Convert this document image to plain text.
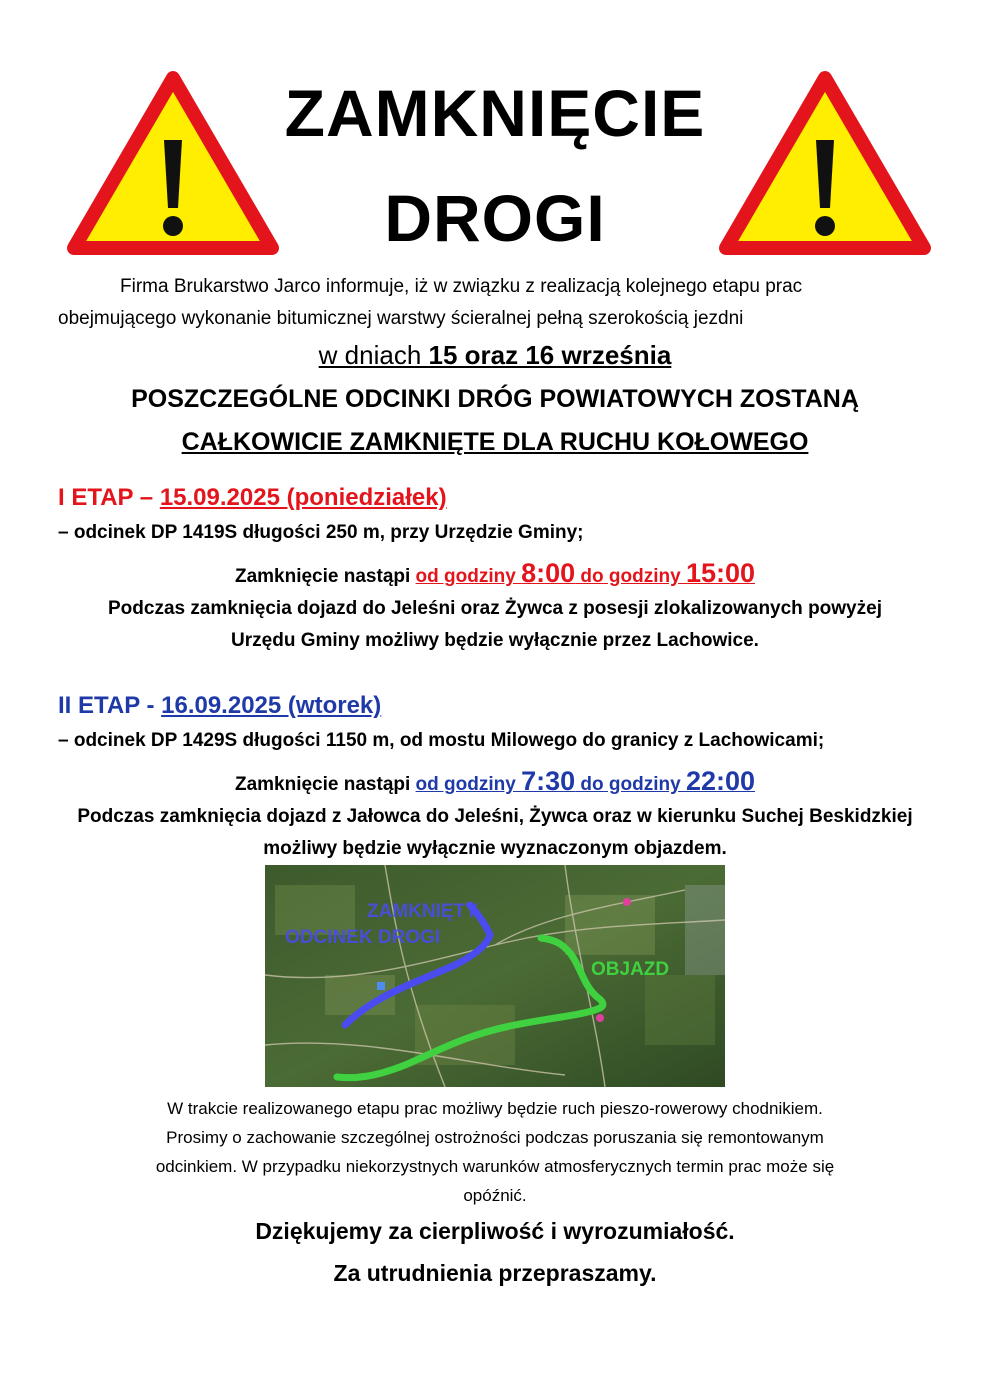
ZAMKNIĘCIE
DROGI
Firma Brukarstwo Jarco informuje, iż w związku z realizacją kolejnego etapu prac
obejmującego wykonanie bitumicznej warstwy ścieralnej pełną szerokością jezdni
w dniach 15 oraz 16 września
POSZCZEGÓLNE ODCINKI DRÓG POWIATOWYCH ZOSTANĄ
CAŁKOWICIE ZAMKNIĘTE DLA RUCHU KOŁOWEGO
I ETAP – 15.09.2025 (poniedziałek)
– odcinek DP 1419S długości 250 m, przy Urzędzie Gminy;
Zamknięcie nastąpi od godziny 8:00 do godziny 15:00
Podczas zamknięcia dojazd do Jeleśni oraz Żywca z posesji zlokalizowanych powyżej
Urzędu Gminy możliwy będzie wyłącznie przez Lachowice.
II ETAP - 16.09.2025 (wtorek)
– odcinek DP 1429S długości 1150 m, od mostu Milowego do granicy z Lachowicami;
Zamknięcie nastąpi od godziny 7:30 do godziny 22:00
Podczas zamknięcia dojazd z Jałowca do Jeleśni, Żywca oraz w kierunku Suchej Beskidzkiej
możliwy będzie wyłącznie wyznaczonym objazdem.
ZAMKNIĘTY
ODCINEK DROGI
OBJAZD
W trakcie realizowanego etapu prac możliwy będzie ruch pieszo-rowerowy chodnikiem.
Prosimy o zachowanie szczególnej ostrożności podczas poruszania się remontowanym
odcinkiem. W przypadku niekorzystnych warunków atmosferycznych termin prac może się
opóźnić.
Dziękujemy za cierpliwość i wyrozumiałość.
Za utrudnienia przepraszamy.
